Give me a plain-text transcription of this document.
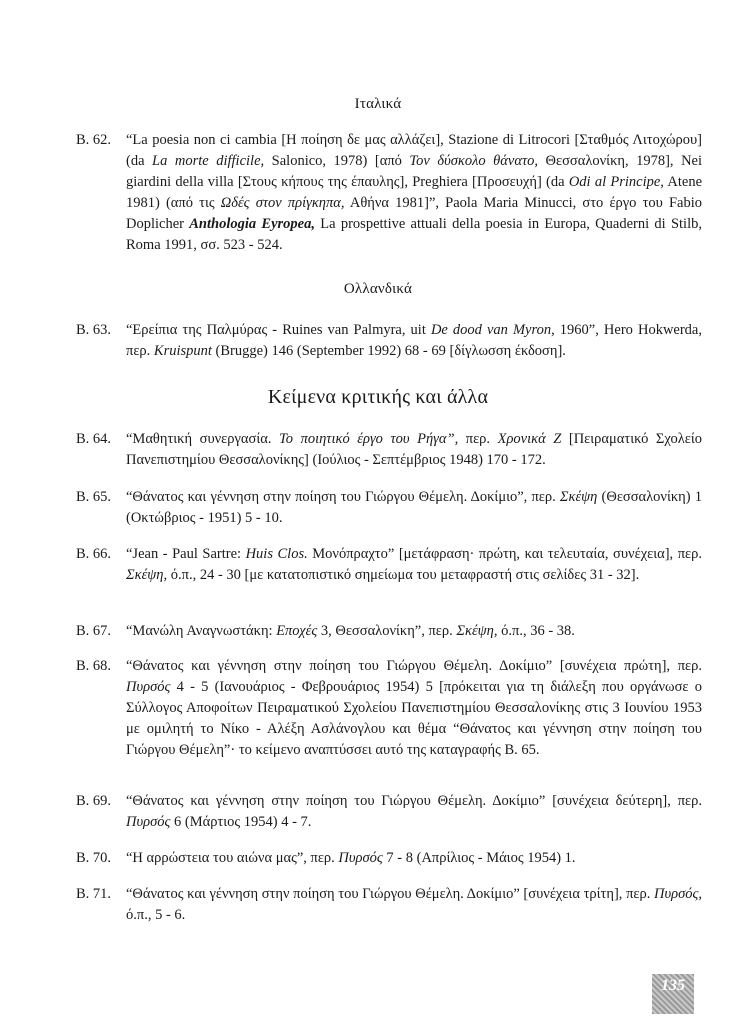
Ιταλικά
B. 62.	“La poesia non ci cambia [Η ποίηση δε μας αλλάζει], Stazione di Litrocori [Σταθμός Λιτοχώρου] (da La morte difficile, Salonico, 1978) [από Τον δύσκολο θάνατο, Θεσσαλονίκη, 1978], Nei giardini della villa [Στους κήπους της έπαυλης], Preghiera [Προσευχή] (da Odi al Principe, Atene 1981) (από τις Ωδές στον πρίγκηπα, Αθήνα 1981]”, Paola Maria Minucci, στο έργο του Fabio Doplicher Anthologia Eyropea, La prospettive attuali della poesia in Europa, Quaderni di Stilb, Roma 1991, σσ. 523 - 524.
Ολλανδικά
B. 63.	“Ερείπια της Παλμύρας - Ruines van Palmyra, uit De dood van Myron, 1960”, Hero Hokwerda, περ. Kruispunt (Brugge) 146 (September 1992) 68 - 69 [δίγλωσση έκδοση].
Κείμενα κριτικής και άλλα
B. 64.	“Μαθητική συνεργασία. Το ποιητικό έργο του Ρήγα”, περ. Χρονικά Ζ [Πειραματικό Σχολείο Πανεπιστημίου Θεσσαλονίκης] (Ιούλιος - Σεπτέμβριος 1948) 170 - 172.
B. 65.	“Θάνατος και γέννηση στην ποίηση του Γιώργου Θέμελη. Δοκίμιο”, περ. Σκέψη (Θεσσαλονίκη) 1 (Οκτώβριος - 1951) 5 - 10.
B. 66.	“Jean - Paul Sartre: Huis Clos. Μονόπραχτο” [μετάφραση· πρώτη, και τελευταία, συνέχεια], περ. Σκέψη, ό.π., 24 - 30 [με κατατοπιστικό σημείωμα του μεταφραστή στις σελίδες 31 - 32].
B. 67.	“Μανώλη Αναγνωστάκη: Εποχές 3, Θεσσαλονίκη”, περ. Σκέψη, ό.π., 36 - 38.
B. 68.	“Θάνατος και γέννηση στην ποίηση του Γιώργου Θέμελη. Δοκίμιο” [συνέχεια πρώτη], περ. Πυρσός 4 - 5 (Ιανουάριος - Φεβρουάριος 1954) 5 [πρόκειται για τη διάλεξη που οργάνωσε ο Σύλλογος Αποφοίτων Πειραματικού Σχολείου Πανεπιστημίου Θεσσαλονίκης στις 3 Ιουνίου 1953 με ομιλητή το Νίκο - Αλέξη Ασλάνογλου και θέμα “Θάνατος και γέννηση στην ποίηση του Γιώργου Θέμελη”· το κείμενο αναπτύσσει αυτό της καταγραφής Β. 65.
B. 69.	“Θάνατος και γέννηση στην ποίηση του Γιώργου Θέμελη. Δοκίμιο” [συνέχεια δεύτερη], περ. Πυρσός 6 (Μάρτιος 1954) 4 - 7.
B. 70.	“Η αρρώστεια του αιώνα μας”, περ. Πυρσός 7 - 8 (Απρίλιος - Μάιος 1954) 1.
B. 71.	“Θάνατος και γέννηση στην ποίηση του Γιώργου Θέμελη. Δοκίμιο” [συνέχεια τρίτη], περ. Πυρσός, ό.π., 5 - 6.
135
